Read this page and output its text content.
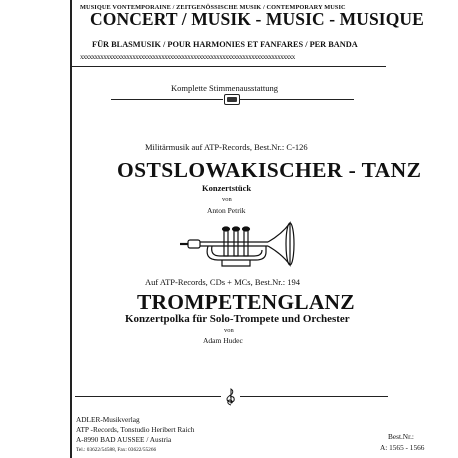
MUSIQUE VONTEMPORAINE / ZEITGENÖSSISCHE MUSIK / CONTEMPORARY MUSIC
CONCERT / MUSIK - MUSIC - MUSIQUE
FÜR BLASMUSIK / POUR HARMONIES ET FANFARES / PER BANDA
xxxxxxxxxxxxxxxxxxxxxxxxxxxxxxxxxxxxxxxxxxxxxxxxxxxxxxxxxxxxxxxxxxxxxxxxxx
Komplette Stimmenausstattung
Militärmusik auf ATP-Records, Best.Nr.: C-126
OSTSLOWAKISCHER - TANZ
Konzertstück
von
Anton Petrik
Auf ATP-Records, CDs + MCs, Best.Nr.: 194
TROMPETENGLANZ
Konzertpolka für Solo-Trompete und Orchester
von
Adam Hudec
ADLER-Musikverlag
ATP -Records, Tonstudio Heribert Raich
A-8990 BAD AUSSEE / Austria
Tel.: 03622/54588, Fax: 03622/55266
Best.Nr.:
A: 1565 - 1566
